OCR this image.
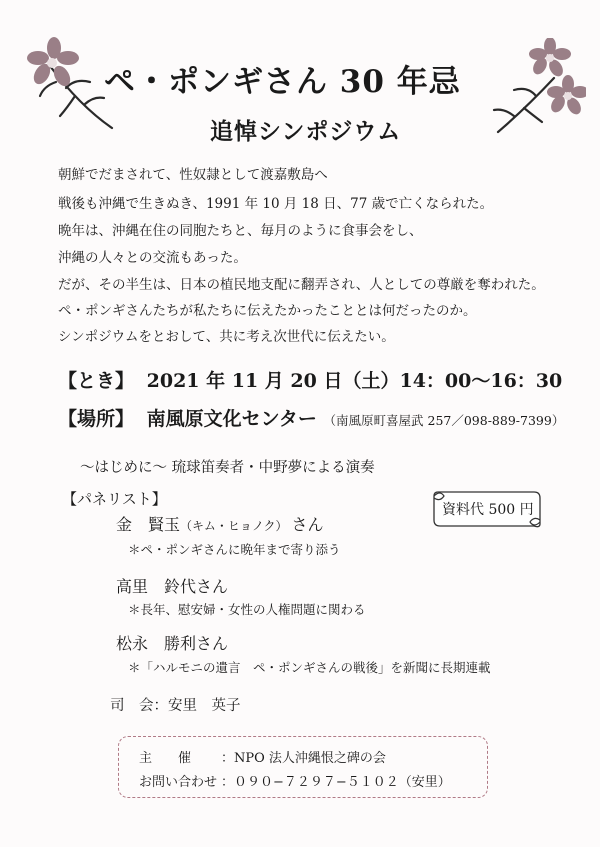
ペ・ポンギさん 30 年忌
追悼シンポジウム
朝鮮でだまされて、性奴隷として渡嘉敷島へ
戦後も沖縄で生きぬき、1991 年 10 月 18 日、77 歳で亡くなられた。
晩年は、沖縄在住の同胞たちと、毎月のように食事会をし、
沖縄の人々との交流もあった。
だが、その半生は、日本の植民地支配に翻弄され、人としての尊厳を奪われた。
ペ・ポンギさんたちが私たちに伝えたかったこととは何だったのか。
シンポジウムをとおして、共に考え次世代に伝えたい。
【とき】 2021 年 11 月 20 日（土）14：00〜16：30
【場所】 南風原文化センター （南風原町喜屋武 257／098-889-7399）
〜はじめに〜 琉球笛奏者・中野夢による演奏
【パネリスト】
資料代 500 円
金　賢玉（キム・ヒョノク） さん
＊ペ・ポンギさんに晩年まで寄り添う
高里　鈴代さん
＊長年、慰安婦・女性の人権問題に関わる
松永　勝利さん
＊「ハルモニの遺言　ペ・ポンギさんの戦後」を新聞に長期連載
司　会：安里　英子
主　　催 ：NPO 法人沖縄恨之碑の会
お問い合わせ ：０９０−７２９７−５１０２（安里）
